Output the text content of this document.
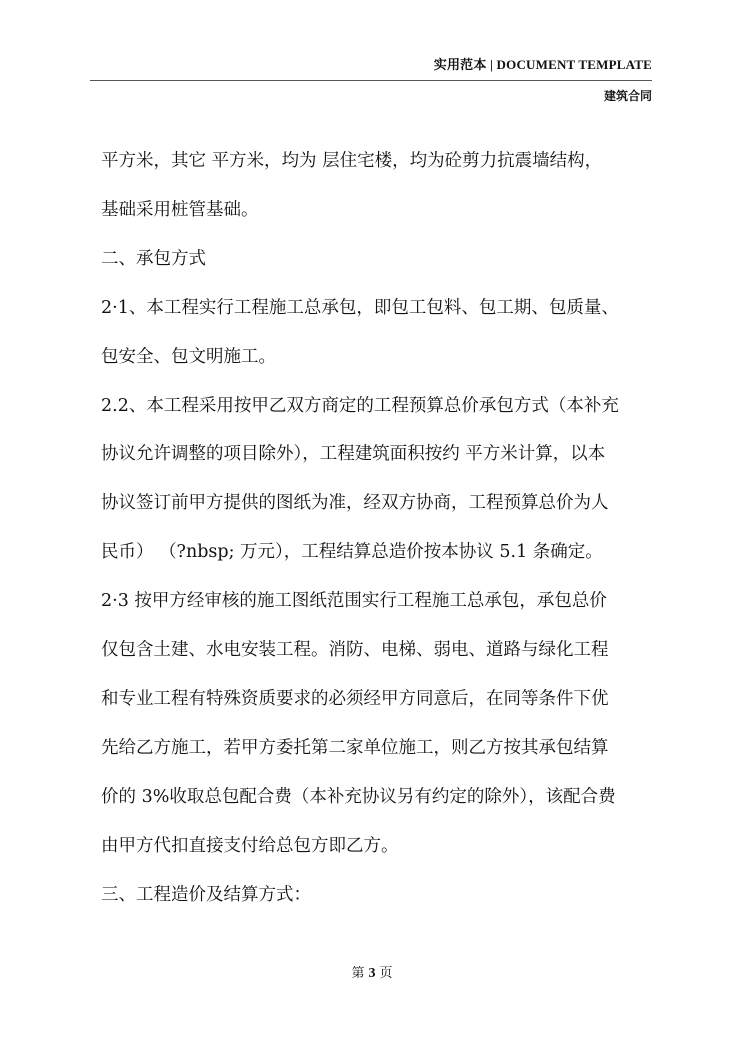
实用范本 | DOCUMENT TEMPLATE
建筑合同
平方米，其它 平方米，均为 层住宅楼，均为砼剪力抗震墙结构，
基础采用桩管基础。
二、承包方式
2·1、本工程实行工程施工总承包，即包工包料、包工期、包质量、
包安全、包文明施工。
2.2、本工程采用按甲乙双方商定的工程预算总价承包方式（本补充
协议允许调整的项目除外），工程建筑面积按约 平方米计算，以本
协议签订前甲方提供的图纸为准，经双方协商，工程预算总价为人
民币） （?nbsp; 万元），工程结算总造价按本协议 5.1 条确定。
2·3 按甲方经审核的施工图纸范围实行工程施工总承包，承包总价
仅包含土建、水电安装工程。消防、电梯、弱电、道路与绿化工程
和专业工程有特殊资质要求的必须经甲方同意后，在同等条件下优
先给乙方施工，若甲方委托第二家单位施工，则乙方按其承包结算
价的 3%收取总包配合费（本补充协议另有约定的除外），该配合费
由甲方代扣直接支付给总包方即乙方。
三、工程造价及结算方式：
第 3 页
